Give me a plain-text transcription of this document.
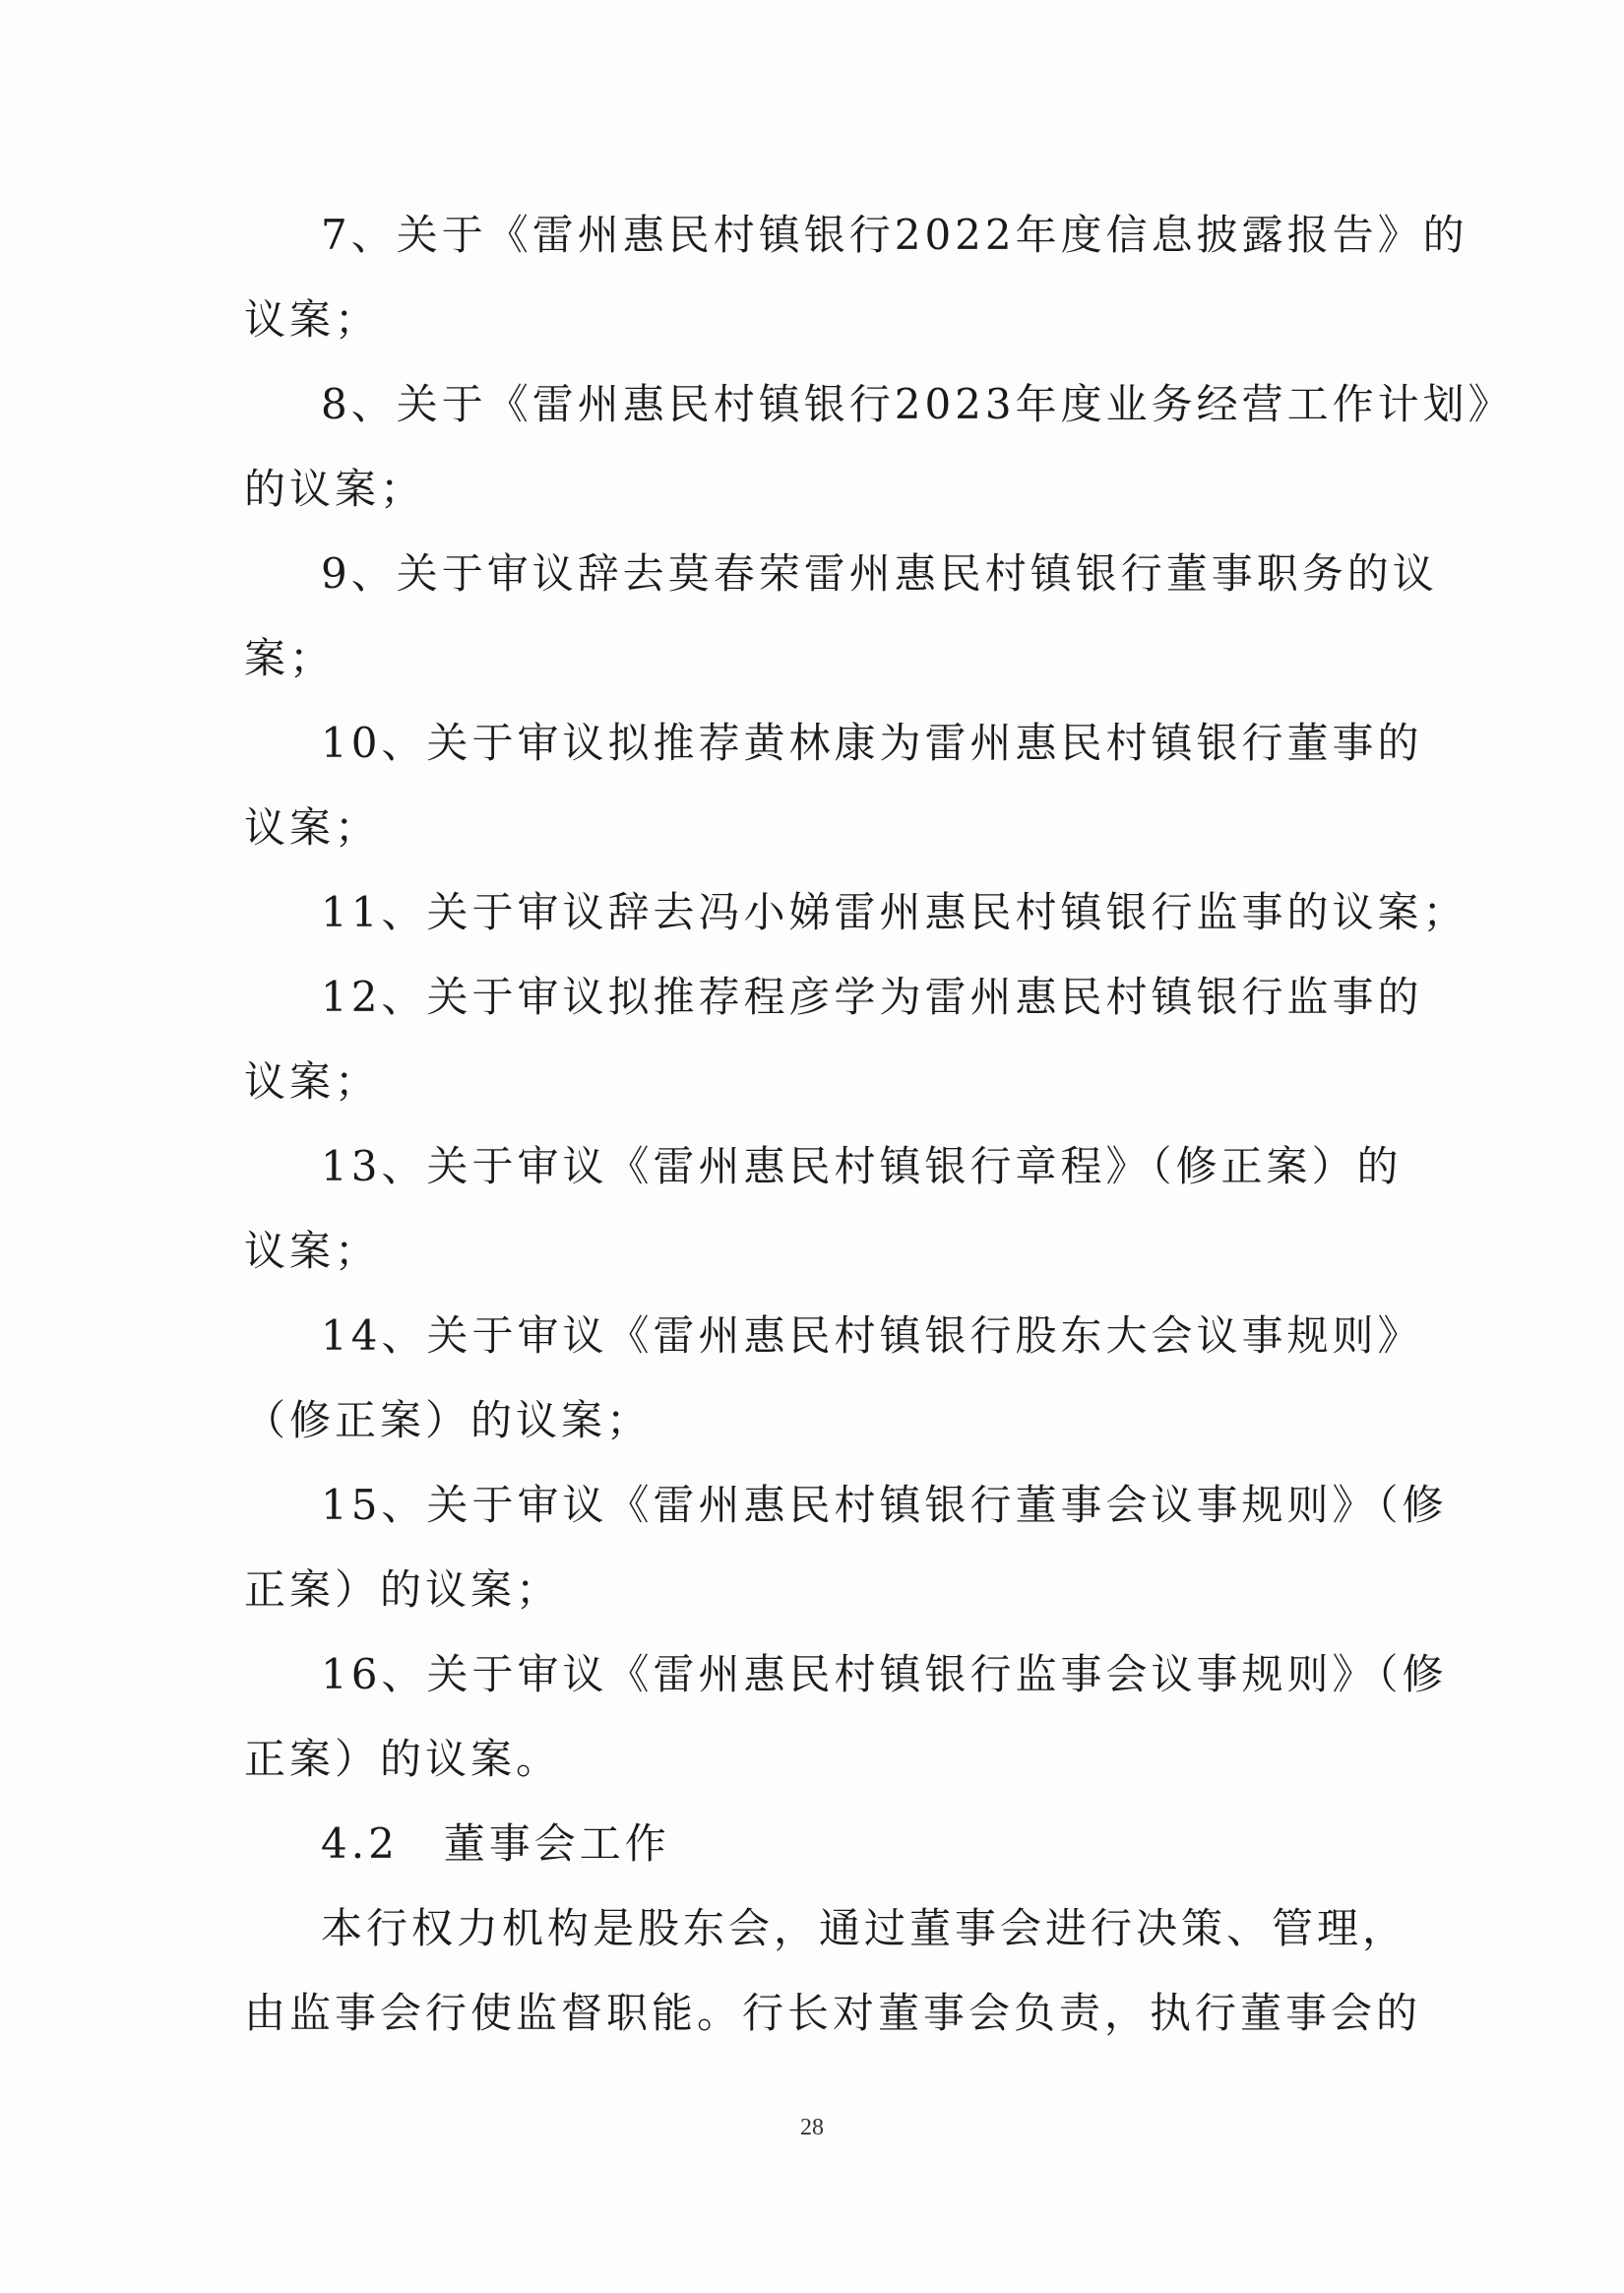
7、关于《雷州惠民村镇银行2022年度信息披露报告》的
议案；
8、关于《雷州惠民村镇银行2023年度业务经营工作计划》
的议案；
9、关于审议辞去莫春荣雷州惠民村镇银行董事职务的议
案；
10、关于审议拟推荐黄林康为雷州惠民村镇银行董事的
议案；
11、关于审议辞去冯小娣雷州惠民村镇银行监事的议案；
12、关于审议拟推荐程彦学为雷州惠民村镇银行监事的
议案；
13、关于审议《雷州惠民村镇银行章程》（修正案）的
议案；
14、关于审议《雷州惠民村镇银行股东大会议事规则》
（修正案）的议案；
15、关于审议《雷州惠民村镇银行董事会议事规则》（修
正案）的议案；
16、关于审议《雷州惠民村镇银行监事会议事规则》（修
正案）的议案。
4.2　董事会工作
本行权力机构是股东会，通过董事会进行决策、管理，
由监事会行使监督职能。行长对董事会负责，执行董事会的
28
